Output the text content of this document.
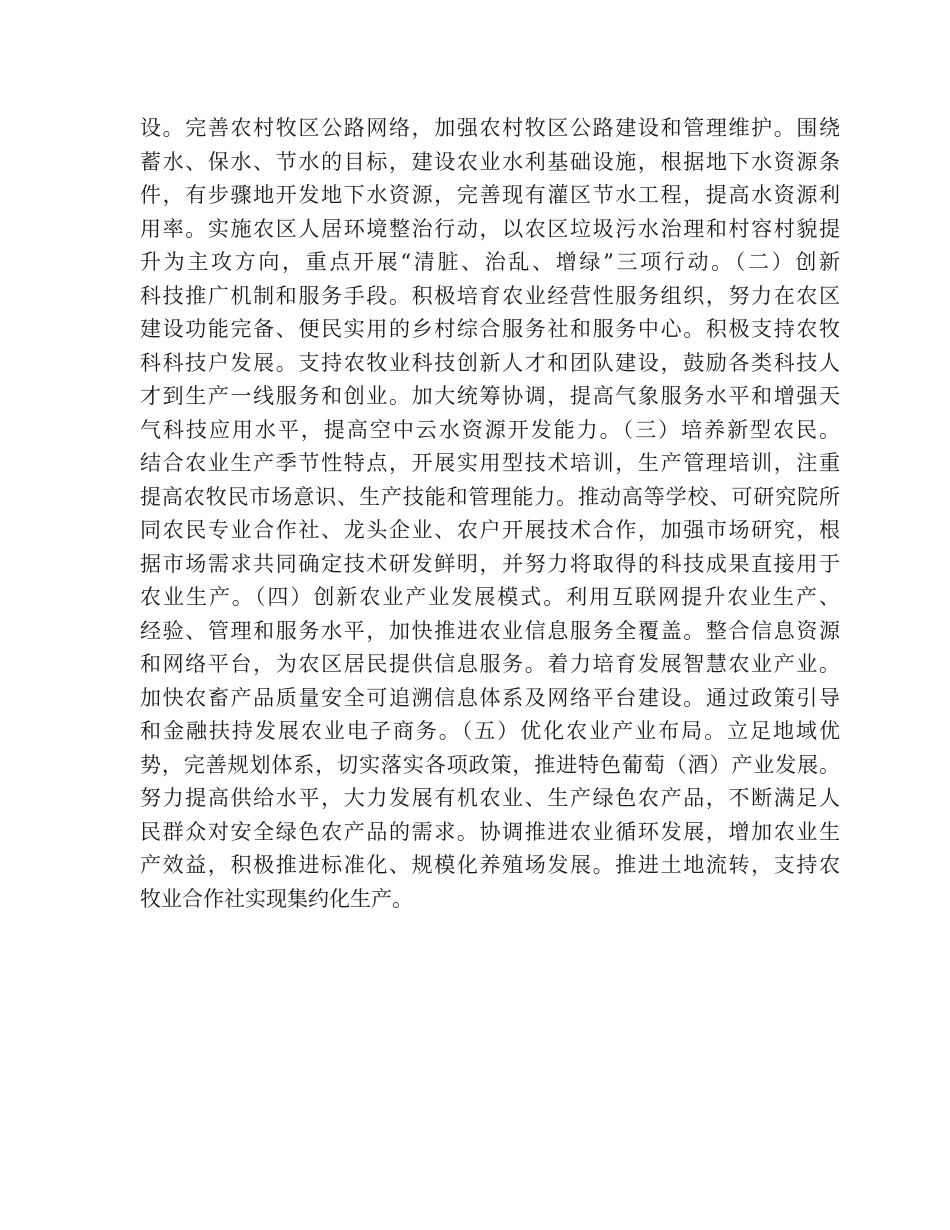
设。完善农村牧区公路网络，加强农村牧区公路建设和管理维护。围绕
蓄水、保水、节水的目标，建设农业水利基础设施，根据地下水资源条
件，有步骤地开发地下水资源，完善现有灌区节水工程，提高水资源利
用率。实施农区人居环境整治行动，以农区垃圾污水治理和村容村貌提
升为主攻方向，重点开展“清脏、治乱、增绿”三项行动。（二）创新
科技推广机制和服务手段。积极培育农业经营性服务组织，努力在农区
建设功能完备、便民实用的乡村综合服务社和服务中心。积极支持农牧
科科技户发展。支持农牧业科技创新人才和团队建设，鼓励各类科技人
才到生产一线服务和创业。加大统筹协调，提高气象服务水平和增强天
气科技应用水平，提高空中云水资源开发能力。（三）培养新型农民。
结合农业生产季节性特点，开展实用型技术培训，生产管理培训，注重
提高农牧民市场意识、生产技能和管理能力。推动高等学校、可研究院所
同农民专业合作社、龙头企业、农户开展技术合作，加强市场研究，根
据市场需求共同确定技术研发鲜明，并努力将取得的科技成果直接用于
农业生产。（四）创新农业产业发展模式。利用互联网提升农业生产、
经验、管理和服务水平，加快推进农业信息服务全覆盖。整合信息资源
和网络平台，为农区居民提供信息服务。着力培育发展智慧农业产业。
加快农畜产品质量安全可追溯信息体系及网络平台建设。通过政策引导
和金融扶持发展农业电子商务。（五）优化农业产业布局。立足地域优
势，完善规划体系，切实落实各项政策，推进特色葡萄（酒）产业发展。
努力提高供给水平，大力发展有机农业、生产绿色农产品，不断满足人
民群众对安全绿色农产品的需求。协调推进农业循环发展，增加农业生
产效益，积极推进标准化、规模化养殖场发展。推进土地流转，支持农
牧业合作社实现集约化生产。
